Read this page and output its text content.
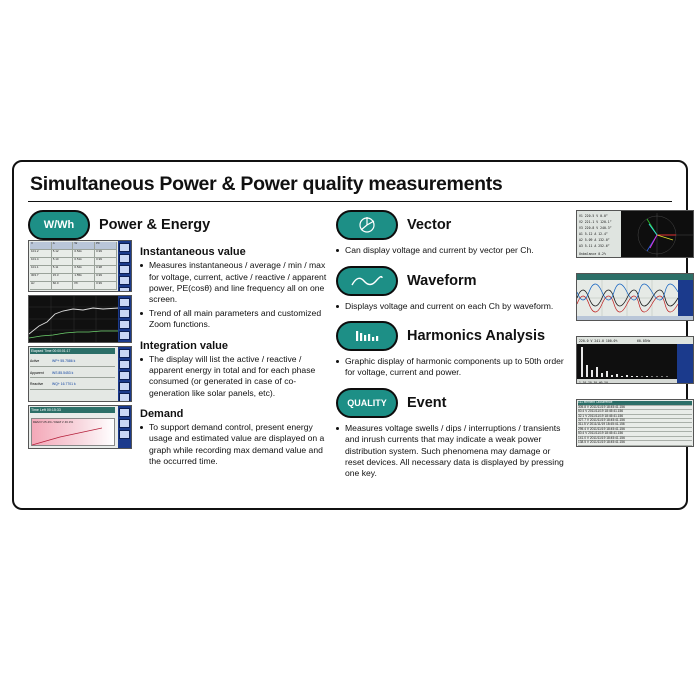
Simultaneous Power & Power quality measurements
W/Wh	Power & Energy
V	A	W	PF
101.2	5.12	0.52k	0.99
101.4	5.10	0.51k	0.99
101.1	5.11	0.52k	0.98
303.7	15.3	1.55k	0.99
Hz	60.0	PF	0.99
Elapsed Time 00:00:01:17
Active	WP+ 55.7586 k
Apparent	WS 85.5453 k
Reactive	WQ+ 16.7701 k
Time Left 00:15:33
DEM P 25.4% / DEM V 46.3%
Instantaneous value
Measures instantaneous / average / min / max for voltage, current, active / reactive / apparent power, PE(cosθ) and line frequency all on one screen.
Trend of all main parameters and customized Zoom functions.
Integration value
The display will list the active / reactive / apparent energy in total and for each phase consumed (or generated in case of co-generation like solar panels, etc).
Demand
To support demand control, present energy usage and estimated value are displayed on a graph while recording max demand value and the occurred time.
V1 220.5 V 0.0°
V2 221.1 V 120.1°
V3 220.8 V 240.3°
A1 5.12 A 12.4°
A2 5.09 A 132.0°
A3 5.11 A 252.6°
Unbalance 0.2%
220.0 V 241.0 100.0%	60.03Hz
1 10 20 30 40 50
111 element Occurrence
305.8 V 2011/11/19 18:45:41.156
50.4 V 2011/11/19 18:45:41.156
32.1 V 2011/11/19 18:45:41.156
327.7 V 2011/11/19 18:45:41.156
311.5 V 2011/11/19 18:45:41.156
295.4 V 2011/11/19 18:45:41.156
50.4 V 2011/11/19 18:45:41.156
141.0 V 2011/11/19 18:45:41.156
138.5 V 2011/11/19 18:45:41.156
Vector
Can display voltage and current by vector per Ch.
Waveform
Displays voltage and current on each Ch by waveform.
Harmonics Analysis
Graphic display of harmonic components up to 50th order for voltage, current and power.
QUALITY	Event
Measures voltage swells / dips / interruptions / transients and inrush currents that may indicate a weak power distribution system. Such phenomena may damage or reset devices. All necessary data is displayed by pressing one key.
